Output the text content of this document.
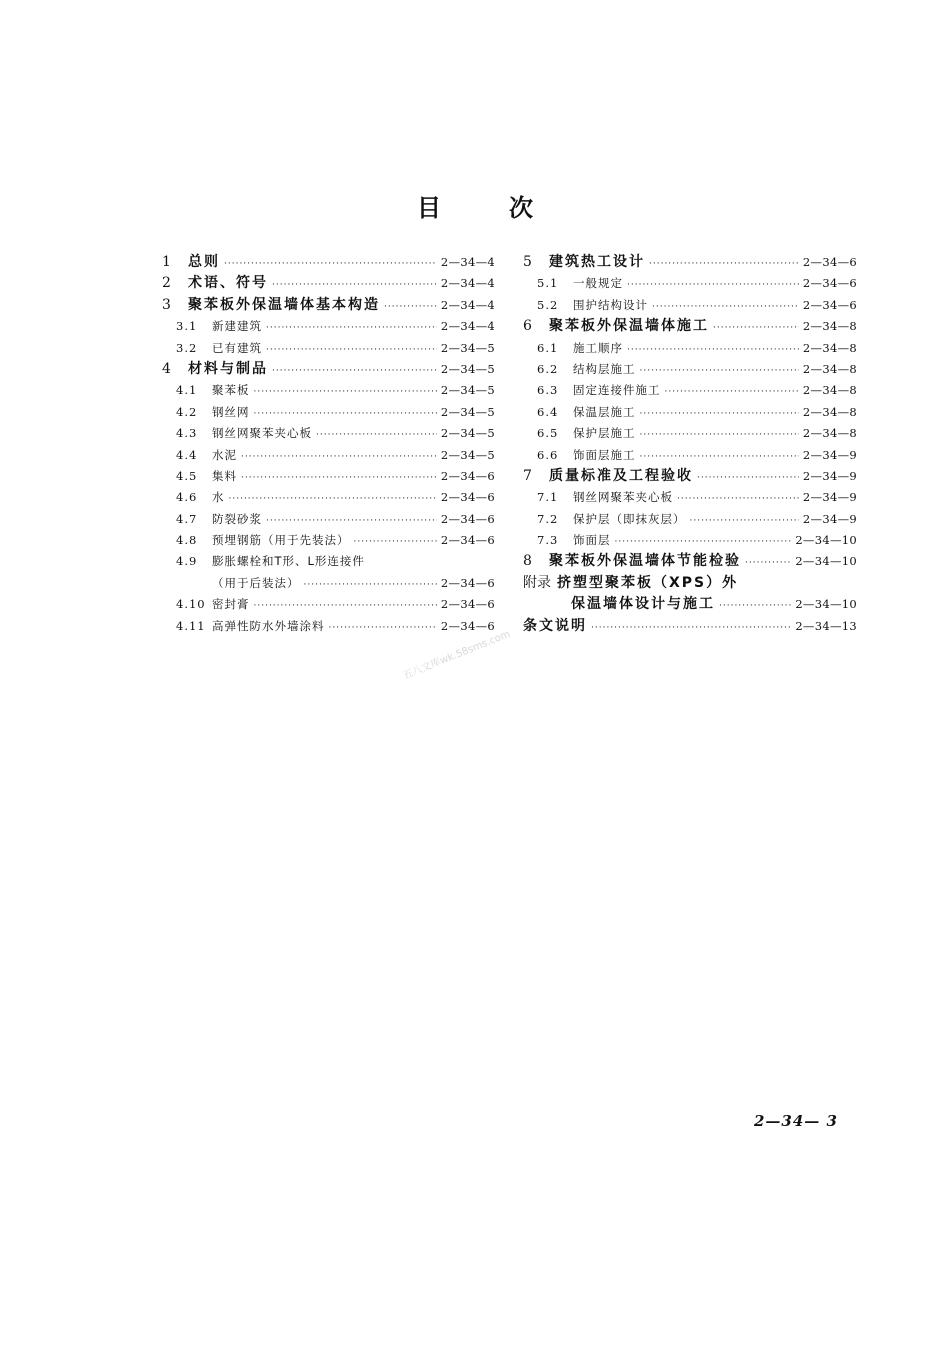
目	次
1	总则 ·····	2—34—4
2	术语、符号 ·····	2—34—4
3	聚苯板外保温墙体基本构造 ·····	2—34—4
3.1	新建建筑 ·····	2—34—4
3.2	已有建筑 ·····	2—34—5
4	材料与制品 ·····	2—34—5
4.1	聚苯板 ·····	2—34—5
4.2	钢丝网 ·····	2—34—5
4.3	钢丝网聚苯夹心板 ·····	2—34—5
4.4	水泥 ·····	2—34—5
4.5	集料 ·····	2—34—6
4.6	水 ·····	2—34—6
4.7	防裂砂浆 ·····	2—34—6
4.8	预埋钢筋（用于先装法） ·····	2—34—6
4.9	膨胀螺栓和T形、L形连接件
（用于后装法） ·····	2—34—6
4.10 密封膏 ·····	2—34—6
4.11 高弹性防水外墙涂料 ·····	2—34—6
5	建筑热工设计 ·····	2—34—6
5.1	一般规定 ·····	2—34—6
5.2	围护结构设计 ·····	2—34—6
6	聚苯板外保温墙体施工 ·····	2—34—8
6.1	施工顺序 ·····	2—34—8
6.2	结构层施工 ·····	2—34—8
6.3	固定连接件施工 ·····	2—34—8
6.4	保温层施工 ·····	2—34—8
6.5	保护层施工 ·····	2—34—8
6.6	饰面层施工 ·····	2—34—9
7	质量标准及工程验收 ·····	2—34—9
7.1	钢丝网聚苯夹心板 ·····	2—34—9
7.2	保护层（即抹灰层） ·····	2—34—9
7.3	饰面层 ·····	2—34—10
8	聚苯板外保温墙体节能检验 ·····	2—34—10
附录 挤塑型聚苯板（XPS）外
保温墙体设计与施工 ·····	2—34—10
条文说明 ·····	2—34—13
五八文库wk.58sms.com
2—34— 3
